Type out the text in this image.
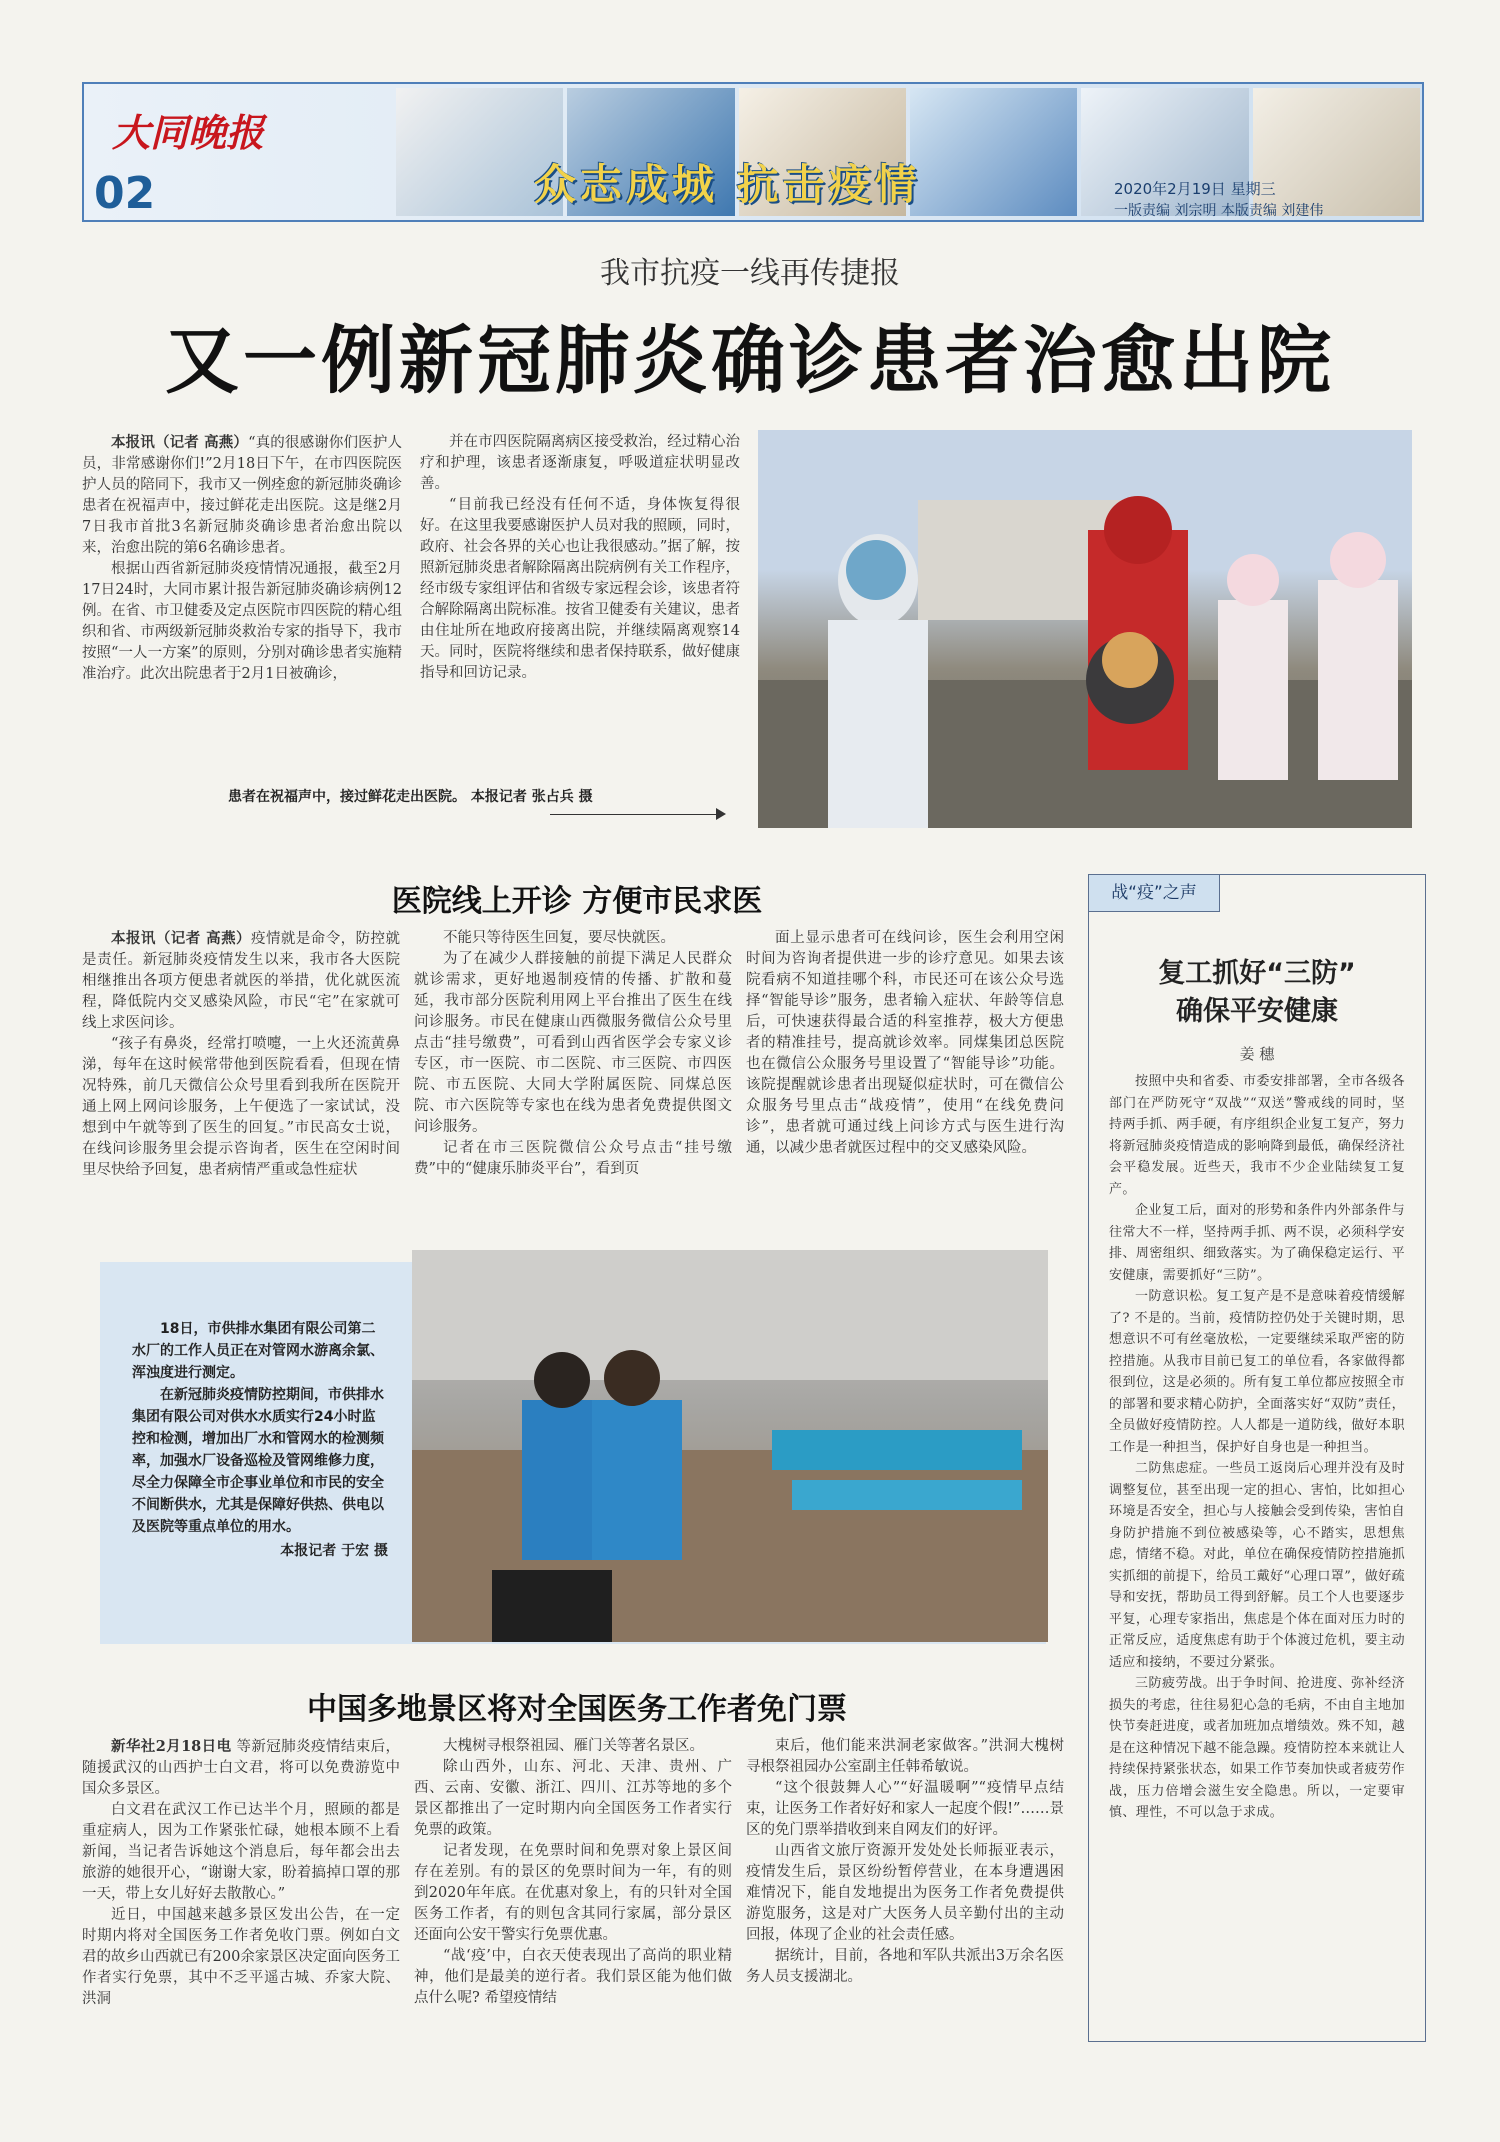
大同晚报
02	众志成城 抗击疫情	2020年2月19日 星期三
一版责编 刘宗明 本版责编 刘建伟
我市抗疫一线再传捷报
又一例新冠肺炎确诊患者治愈出院

本报讯（记者 高燕）“真的很感谢你们医护人员，非常感谢你们!”2月18日下午，在市四医院医护人员的陪同下，我市又一例痊愈的新冠肺炎确诊患者在祝福声中，接过鲜花走出医院。这是继2月7日我市首批3名新冠肺炎确诊患者治愈出院以来，治愈出院的第6名确诊患者。

根据山西省新冠肺炎疫情情况通报，截至2月17日24时，大同市累计报告新冠肺炎确诊病例12例。在省、市卫健委及定点医院市四医院的精心组织和省、市两级新冠肺炎救治专家的指导下，我市按照“一人一方案”的原则，分别对确诊患者实施精准治疗。此次出院患者于2月1日被确诊，

并在市四医院隔离病区接受救治，经过精心治疗和护理，该患者逐渐康复，呼吸道症状明显改善。

“目前我已经没有任何不适，身体恢复得很好。在这里我要感谢医护人员对我的照顾，同时，政府、社会各界的关心也让我很感动。”据了解，按照新冠肺炎患者解除隔离出院病例有关工作程序，经市级专家组评估和省级专家远程会诊，该患者符合解除隔离出院标准。按省卫健委有关建议，患者由住址所在地政府接离出院，并继续隔离观察14天。同时，医院将继续和患者保持联系，做好健康指导和回访记录。

患者在祝福声中，接过鲜花走出医院。 本报记者 张占兵 摄
医院线上开诊 方便市民求医

本报讯（记者 高燕）疫情就是命令，防控就是责任。新冠肺炎疫情发生以来，我市各大医院相继推出各项方便患者就医的举措，优化就医流程，降低院内交叉感染风险，市民“宅”在家就可线上求医问诊。

“孩子有鼻炎，经常打喷嚏，一上火还流黄鼻涕，每年在这时候常带他到医院看看，但现在情况特殊，前几天微信公众号里看到我所在医院开通上网上网问诊服务，上午便选了一家试试，没想到中午就等到了医生的回复。”市民高女士说，在线问诊服务里会提示咨询者，医生在空闲时间里尽快给予回复，患者病情严重或急性症状

不能只等待医生回复，要尽快就医。

为了在减少人群接触的前提下满足人民群众就诊需求，更好地遏制疫情的传播、扩散和蔓延，我市部分医院利用网上平台推出了医生在线问诊服务。市民在健康山西微服务微信公众号里点击“挂号缴费”，可看到山西省医学会专家义诊专区，市一医院、市二医院、市三医院、市四医院、市五医院、大同大学附属医院、同煤总医院、市六医院等专家也在线为患者免费提供图文问诊服务。

记者在市三医院微信公众号点击“挂号缴费”中的“健康乐肺炎平台”，看到页

面上显示患者可在线问诊，医生会利用空闲时间为咨询者提供进一步的诊疗意见。如果去该院看病不知道挂哪个科，市民还可在该公众号选择“智能导诊”服务，患者输入症状、年龄等信息后，可快速获得最合适的科室推荐，极大方便患者的精准挂号，提高就诊效率。同煤集团总医院也在微信公众服务号里设置了“智能导诊”功能。该院提醒就诊患者出现疑似症状时，可在微信公众服务号里点击“战疫情”，使用“在线免费问诊”，患者就可通过线上问诊方式与医生进行沟通，以减少患者就医过程中的交叉感染风险。

18日，市供排水集团有限公司第二水厂的工作人员正在对管网水游离余氯、浑浊度进行测定。
在新冠肺炎疫情防控期间，市供排水集团有限公司对供水水质实行24小时监控和检测，增加出厂水和管网水的检测频率，加强水厂设备巡检及管网维修力度，尽全力保障全市企事业单位和市民的安全不间断供水，尤其是保障好供热、供电以及医院等重点单位的用水。
本报记者 于宏 摄
中国多地景区将对全国医务工作者免门票

新华社2月18日电 等新冠肺炎疫情结束后，随援武汉的山西护士白文君，将可以免费游览中国众多景区。

白文君在武汉工作已达半个月，照顾的都是重症病人，因为工作紧张忙碌，她根本顾不上看新闻，当记者告诉她这个消息后，每年都会出去旅游的她很开心，“谢谢大家，盼着搞掉口罩的那一天，带上女儿好好去散散心。”

近日，中国越来越多景区发出公告，在一定时期内将对全国医务工作者免收门票。例如白文君的故乡山西就已有200余家景区决定面向医务工作者实行免票，其中不乏平遥古城、乔家大院、洪洞

大槐树寻根祭祖园、雁门关等著名景区。

除山西外，山东、河北、天津、贵州、广西、云南、安徽、浙江、四川、江苏等地的多个景区都推出了一定时期内向全国医务工作者实行免票的政策。

记者发现，在免票时间和免票对象上景区间存在差别。有的景区的免票时间为一年，有的则到2020年年底。在优惠对象上，有的只针对全国医务工作者，有的则包含其同行家属，部分景区还面向公安干警实行免票优惠。

“战‘疫’中，白衣天使表现出了高尚的职业精神，他们是最美的逆行者。我们景区能为他们做点什么呢? 希望疫情结

束后，他们能来洪洞老家做客。”洪洞大槐树寻根祭祖园办公室副主任韩希敏说。

“这个很鼓舞人心”“好温暖啊”“疫情早点结束，让医务工作者好好和家人一起度个假!”……景区的免门票举措收到来自网友们的好评。

山西省文旅厅资源开发处处长师振亚表示，疫情发生后，景区纷纷暂停营业，在本身遭遇困难情况下，能自发地提出为医务工作者免费提供游览服务，这是对广大医务人员辛勤付出的主动回报，体现了企业的社会责任感。

据统计，目前，各地和军队共派出3万余名医务人员支援湖北。

战“疫”之声
复工抓好“三防”
确保平安健康
姜 穗

按照中央和省委、市委安排部署，全市各级各部门在严防死守“双战”“双送”警戒线的同时，坚持两手抓、两手硬，有序组织企业复工复产，努力将新冠肺炎疫情造成的影响降到最低，确保经济社会平稳发展。近些天，我市不少企业陆续复工复产。

企业复工后，面对的形势和条件内外部条件与往常大不一样，坚持两手抓、两不误，必须科学安排、周密组织、细致落实。为了确保稳定运行、平安健康，需要抓好“三防”。

一防意识松。复工复产是不是意味着疫情缓解了? 不是的。当前，疫情防控仍处于关键时期，思想意识不可有丝毫放松，一定要继续采取严密的防控措施。从我市目前已复工的单位看，各家做得都很到位，这是必须的。所有复工单位都应按照全市的部署和要求精心防护，全面落实好“双防”责任，全员做好疫情防控。人人都是一道防线，做好本职工作是一种担当，保护好自身也是一种担当。

二防焦虑症。一些员工返岗后心理并没有及时调整复位，甚至出现一定的担心、害怕，比如担心环境是否安全，担心与人接触会受到传染，害怕自身防护措施不到位被感染等，心不踏实，思想焦虑，情绪不稳。对此，单位在确保疫情防控措施抓实抓细的前提下，给员工戴好“心理口罩”，做好疏导和安抚，帮助员工得到舒解。员工个人也要逐步平复，心理专家指出，焦虑是个体在面对压力时的正常反应，适度焦虑有助于个体渡过危机，要主动适应和接纳，不要过分紧张。

三防疲劳战。出于争时间、抢进度、弥补经济损失的考虑，往往易犯心急的毛病，不由自主地加快节奏赶进度，或者加班加点增绩效。殊不知，越是在这种情况下越不能急躁。疫情防控本来就让人持续保持紧张状态，如果工作节奏加快或者疲劳作战，压力倍增会滋生安全隐患。所以，一定要审慎、理性，不可以急于求成。
